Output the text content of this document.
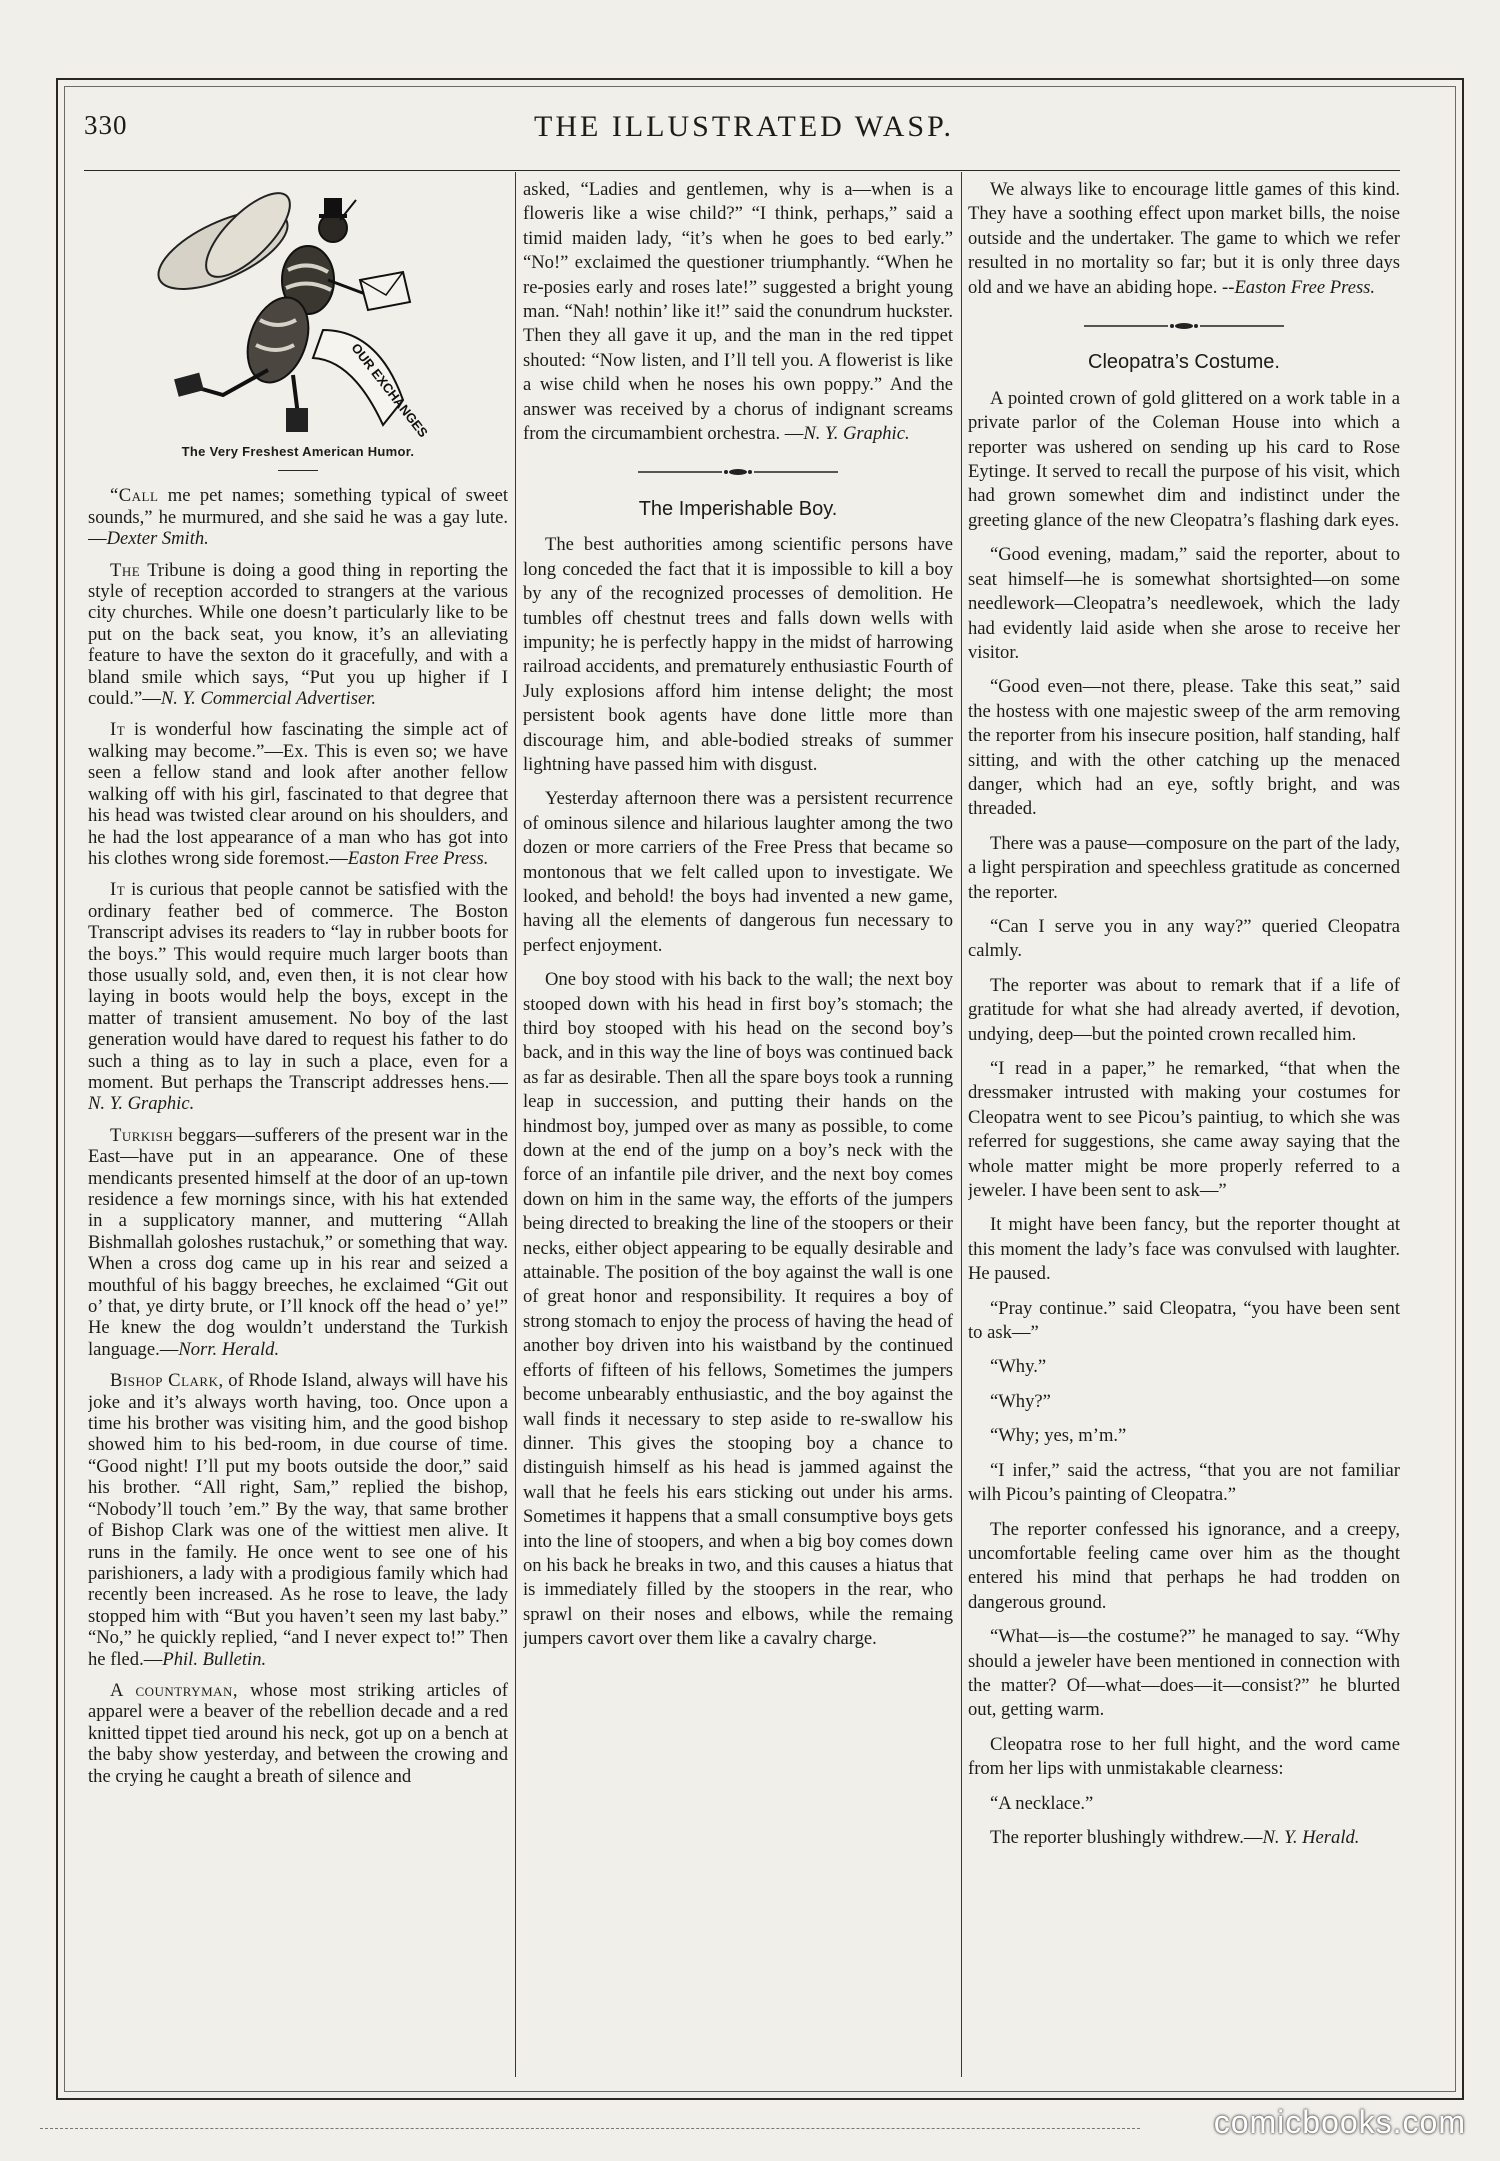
330	THE ILLUSTRATED WASP.
OUR EXCHANGES
The Very Freshest American Humor.

“Call me pet names; something typical of sweet sounds,” he murmured, and she said he was a gay lute.—Dexter Smith.

The Tribune is doing a good thing in reporting the style of reception accorded to strangers at the various city churches. While one doesn’t particularly like to be put on the back seat, you know, it’s an alleviating feature to have the sexton do it gracefully, and with a bland smile which says, “Put you up higher if I could.”—N. Y. Commercial Advertiser.

It is wonderful how fascinating the simple act of walking may become.”—Ex. This is even so; we have seen a fellow stand and look after another fellow walking off with his girl, fascinated to that degree that his head was twisted clear around on his shoulders, and he had the lost appearance of a man who has got into his clothes wrong side foremost.—Easton Free Press.

It is curious that people cannot be satisfied with the ordinary feather bed of commerce. The Boston Transcript advises its readers to “lay in rubber boots for the boys.” This would require much larger boots than those usually sold, and, even then, it is not clear how laying in boots would help the boys, except in the matter of transient amusement. No boy of the last generation would have dared to request his father to do such a thing as to lay in such a place, even for a moment. But perhaps the Transcript addresses hens.—N. Y. Graphic.

Turkish beggars—sufferers of the present war in the East—have put in an appearance. One of these mendicants presented himself at the door of an up-town residence a few mornings since, with his hat extended in a supplicatory manner, and muttering “Allah Bishmallah goloshes rustachuk,” or something that way. When a cross dog came up in his rear and seized a mouthful of his baggy breeches, he exclaimed “Git out o’ that, ye dirty brute, or I’ll knock off the head o’ ye!” He knew the dog wouldn’t understand the Turkish language.—Norr. Herald.

Bishop Clark, of Rhode Island, always will have his joke and it’s always worth having, too. Once upon a time his brother was visiting him, and the good bishop showed him to his bed-room, in due course of time. “Good night! I’ll put my boots outside the door,” said his brother. “All right, Sam,” replied the bishop, “Nobody’ll touch ’em.” By the way, that same brother of Bishop Clark was one of the wittiest men alive. It runs in the family. He once went to see one of his parishioners, a lady with a prodigious family which had recently been increased. As he rose to leave, the lady stopped him with “But you haven’t seen my last baby.” “No,” he quickly replied, “and I never expect to!” Then he fled.—Phil. Bulletin.

A countryman, whose most striking articles of apparel were a beaver of the rebellion decade and a red knitted tippet tied around his neck, got up on a bench at the baby show yesterday, and between the crowing and the crying he caught a breath of silence and

asked, “Ladies and gentlemen, why is a—when is a floweris like a wise child?” “I think, perhaps,” said a timid maiden lady, “it’s when he goes to bed early.” “No!” exclaimed the questioner triumphantly. “When he re-posies early and roses late!” suggested a bright young man. “Nah! nothin’ like it!” said the conundrum huckster. Then they all gave it up, and the man in the red tippet shouted: “Now listen, and I’ll tell you. A flowerist is like a wise child when he noses his own poppy.” And the answer was received by a chorus of indignant screams from the circumambient orchestra. —N. Y. Graphic.

The Imperishable Boy.

The best authorities among scientific persons have long conceded the fact that it is impossible to kill a boy by any of the recognized processes of demolition. He tumbles off chestnut trees and falls down wells with impunity; he is perfectly happy in the midst of harrowing railroad accidents, and prematurely enthusiastic Fourth of July explosions afford him intense delight; the most persistent book agents have done little more than discourage him, and able-bodied streaks of summer lightning have passed him with disgust.

Yesterday afternoon there was a persistent recurrence of ominous silence and hilarious laughter among the two dozen or more carriers of the Free Press that became so montonous that we felt called upon to investigate. We looked, and behold! the boys had invented a new game, having all the elements of dangerous fun necessary to perfect enjoyment.

One boy stood with his back to the wall; the next boy stooped down with his head in first boy’s stomach; the third boy stooped with his head on the second boy’s back, and in this way the line of boys was continued back as far as desirable. Then all the spare boys took a running leap in succession, and putting their hands on the hindmost boy, jumped over as many as possible, to come down at the end of the jump on a boy’s neck with the force of an infantile pile driver, and the next boy comes down on him in the same way, the efforts of the jumpers being directed to breaking the line of the stoopers or their necks, either object appearing to be equally desirable and attainable. The position of the boy against the wall is one of great honor and responsibility. It requires a boy of strong stomach to enjoy the process of having the head of another boy driven into his waistband by the continued efforts of fifteen of his fellows, Sometimes the jumpers become unbearably enthusiastic, and the boy against the wall finds it necessary to step aside to re-swallow his dinner. This gives the stooping boy a chance to distinguish himself as his head is jammed against the wall that he feels his ears sticking out under his arms. Sometimes it happens that a small consumptive boys gets into the line of stoopers, and when a big boy comes down on his back he breaks in two, and this causes a hiatus that is immediately filled by the stoopers in the rear, who sprawl on their noses and elbows, while the remaing jumpers cavort over them like a cavalry charge.

We always like to encourage little games of this kind. They have a soothing effect upon market bills, the noise outside and the undertaker. The game to which we refer resulted in no mortality so far; but it is only three days old and we have an abiding hope. --Easton Free Press.

Cleopatra’s Costume.

A pointed crown of gold glittered on a work table in a private parlor of the Coleman House into which a reporter was ushered on sending up his card to Rose Eytinge. It served to recall the purpose of his visit, which had grown somewhet dim and indistinct under the greeting glance of the new Cleopatra’s flashing dark eyes.

“Good evening, madam,” said the reporter, about to seat himself—he is somewhat shortsighted—on some needlework—Cleopatra’s needlewoek, which the lady had evidently laid aside when she arose to receive her visitor.

“Good even—not there, please. Take this seat,” said the hostess with one majestic sweep of the arm removing the reporter from his insecure position, half standing, half sitting, and with the other catching up the menaced danger, which had an eye, softly bright, and was threaded.

There was a pause—composure on the part of the lady, a light perspiration and speechless gratitude as concerned the reporter.

“Can I serve you in any way?” queried Cleopatra calmly.

The reporter was about to remark that if a life of gratitude for what she had already averted, if devotion, undying, deep—but the pointed crown recalled him.

“I read in a paper,” he remarked, “that when the dressmaker intrusted with making your costumes for Cleopatra went to see Picou’s paintiug, to which she was referred for suggestions, she came away saying that the whole matter might be more properly referred to a jeweler. I have been sent to ask—”

It might have been fancy, but the reporter thought at this moment the lady’s face was convulsed with laughter. He paused.

“Pray continue.” said Cleopatra, “you have been sent to ask—”

“Why.”

“Why?”

“Why; yes, m’m.”

“I infer,” said the actress, “that you are not familiar wilh Picou’s painting of Cleopatra.”

The reporter confessed his ignorance, and a creepy, uncomfortable feeling came over him as the thought entered his mind that perhaps he had trodden on dangerous ground.

“What—is—the costume?” he managed to say. “Why should a jeweler have been mentioned in connection with the matter? Of—what—does—it—consist?” he blurted out, getting warm.

Cleopatra rose to her full hight, and the word came from her lips with unmistakable clearness:

“A necklace.”

The reporter blushingly withdrew.—N. Y. Herald.

comicbooks.com
